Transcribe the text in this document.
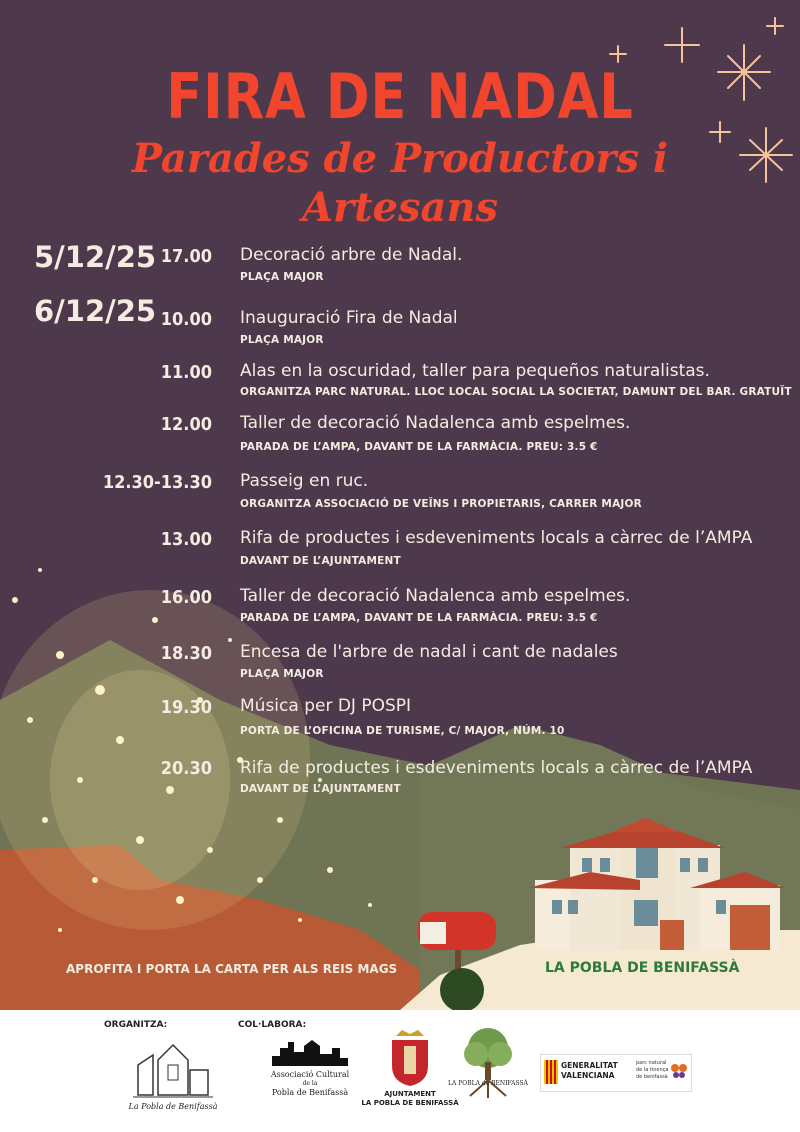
FIRA DE NADAL
Parades de Productors i
Artesans
5/12/25
6/12/25
17.00 Decoració arbre de Nadal.
PLAÇA MAJOR
10.00 Inauguració Fira de Nadal
PLAÇA MAJOR
11.00 Alas en la oscuridad, taller para pequeños naturalistas.
ORGANITZA PARC NATURAL. LLOC LOCAL SOCIAL LA SOCIETAT, DAMUNT DEL BAR. GRATUÏT
12.00 Taller de decoració Nadalenca amb espelmes.
PARADA DE L’AMPA, DAVANT DE LA FARMÀCIA. PREU: 3.5 €
12.30-13.30 Passeig en ruc.
ORGANITZA ASSOCIACIÓ DE VEÏNS I PROPIETARIS, CARRER MAJOR
13.00 Rifa de productes i esdeveniments locals a càrrec de l’AMPA
DAVANT DE L’AJUNTAMENT
16.00 Taller de decoració Nadalenca amb espelmes.
PARADA DE L’AMPA, DAVANT DE LA FARMÀCIA. PREU: 3.5 €
18.30 Encesa de l'arbre de nadal i cant de nadales
PLAÇA MAJOR
19.30 Música per DJ POSPI
PORTA DE L’OFICINA DE TURISME, C/ MAJOR, NÚM. 10
20.30 Rifa de productes i esdeveniments locals a càrrec de l’AMPA
DAVANT DE L’AJUNTAMENT
APROFITA I PORTA LA CARTA PER ALS REIS MAGS	LA POBLA DE BENIFASSÀ
ORGANITZA:	COL·LABORA:
La Pobla de Benifassà
Associació Cultural
de la
Pobla de Benifassà	AJUNTAMENT
LA POBLA DE BENIFASSÀ
LA POBLA de BENIFASSÀ
GENERALITAT
VALENCIANA
parc natural
de la tinença
de benifassà
